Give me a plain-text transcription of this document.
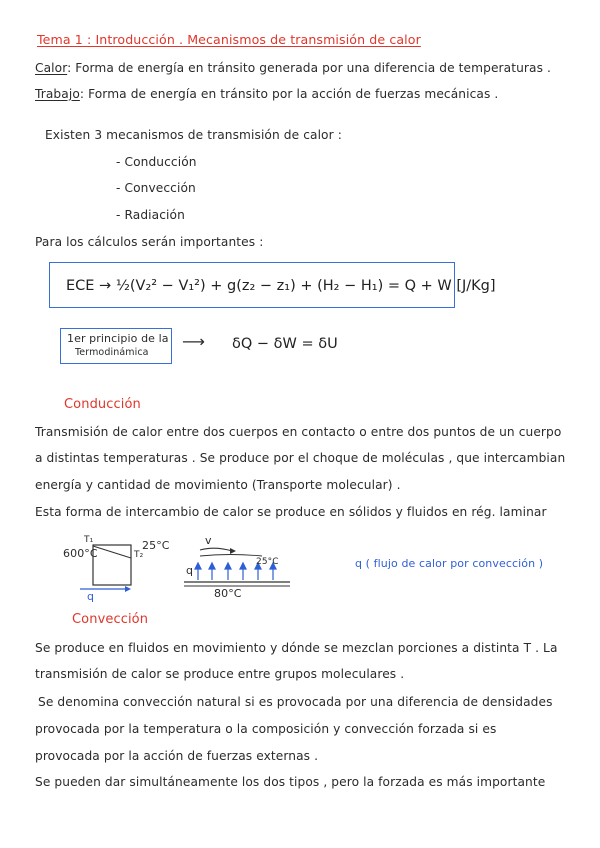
Tema 1 : Introducción . Mecanismos de transmisión de calor
Calor: Forma de energía en tránsito generada por una diferencia de temperaturas .
Trabajo: Forma de energía en tránsito por la acción de fuerzas mecánicas .
Existen 3 mecanismos de transmisión de calor :
- Conducción
- Convección
- Radiación
Para los cálculos serán importantes :
ECE → ½(V₂² − V₁²) + g(z₂ − z₁) + (H₂ − H₁) = Q + W [J/Kg]
1er principio de la
Termodinámica
⟶ δQ − δW = δU
Conducción
Transmisión de calor entre dos cuerpos en contacto o entre dos puntos de un cuerpo
a distintas temperaturas . Se produce por el choque de moléculas , que intercambian
energía y cantidad de movimiento (Transporte molecular) .
Esta forma de intercambio de calor se produce en sólidos y fluidos en rég. laminar
600°C
T₁
T₂
25°C
q
v
25°C
q
80°C
q ( flujo de calor por convección )
Convección
Se produce en fluidos en movimiento y dónde se mezclan porciones a distinta T . La
transmisión de calor se produce entre grupos moleculares .
Se denomina convección natural si es provocada por una diferencia de densidades
provocada por la temperatura o la composición y convección forzada si es
provocada por la acción de fuerzas externas .
Se pueden dar simultáneamente los dos tipos , pero la forzada es más importante
